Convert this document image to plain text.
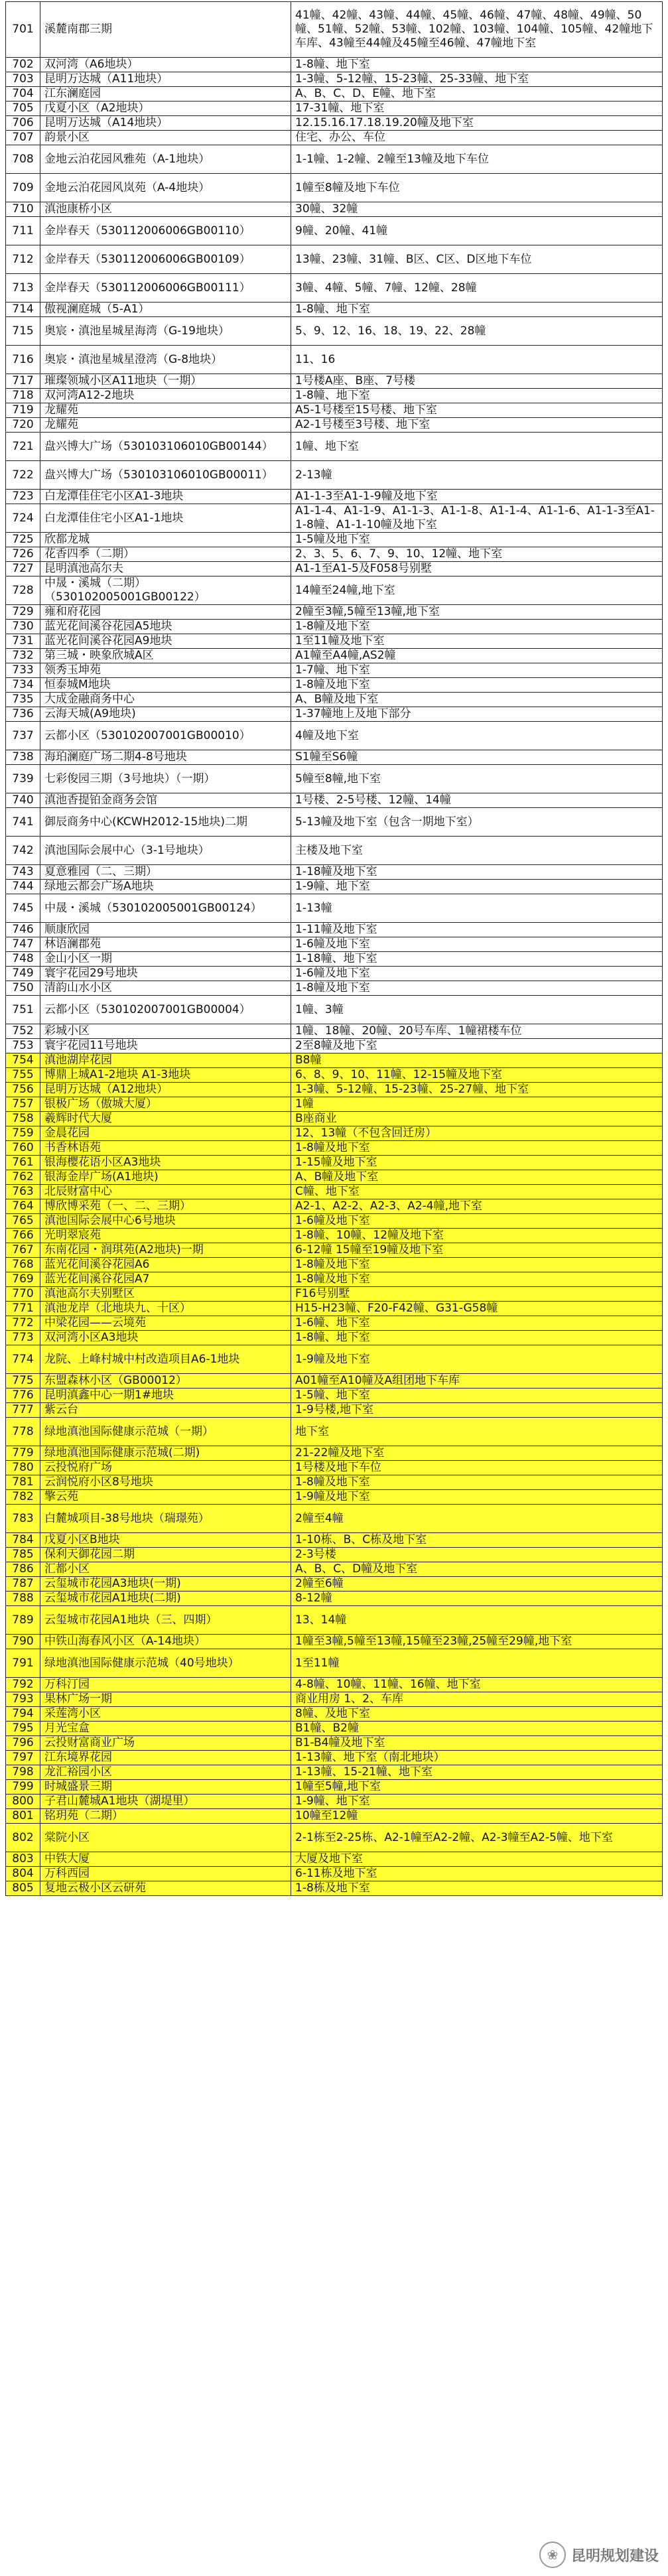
701	溪麓南郡三期	41幢、42幢、43幢、44幢、45幢、46幢、47幢、48幢、49幢、50幢、51幢、52幢、53幢、102幢、103幢、104幢、105幢、42幢地下车库、43幢至44幢及45幢至46幢、47幢地下室
702	双河湾（A6地块）	1-8幢、地下室
703	昆明万达城（A11地块）	1-3幢、5-12幢、15-23幢、25-33幢、地下室
704	江东澜庭园	A、B、C、D、E幢、地下室
705	戊夏小区（A2地块）	17-31幢、地下室
706	昆明万达城（A14地块）	12.15.16.17.18.19.20幢及地下室
707	韵景小区	住宅、办公、车位
708	金地云泊花园风雅苑（A-1地块）	1-1幢、1-2幢、2幢至13幢及地下车位
709	金地云泊花园风岚苑（A-4地块）	1幢至8幢及地下车位
710	滇池康桥小区	30幢、32幢
711	金岸春天（530112006006GB00110）	9幢、20幢、41幢
712	金岸春天（530112006006GB00109）	13幢、23幢、31幢、B区、C区、D区地下车位
713	金岸春天（530112006006GB00111）	3幢、4幢、5幢、7幢、12幢、28幢
714	傲视澜庭城（5-A1）	1-8幢、地下室
715	奥宸・滇池星城星海湾（G-19地块）	5、9、12、16、18、19、22、28幢
716	奥宸・滇池星城星澄湾（G-8地块）	11、16
717	璀璨领城小区A11地块（一期）	1号楼A座、B座、7号楼
718	双河湾A12-2地块	1-8幢、地下室
719	龙耀苑	A5-1号楼至15号楼、地下室
720	龙耀苑	A2-1号楼至3号楼、地下室
721	盘兴博大广场（530103106010GB00144）	1幢、地下室
722	盘兴博大广场（530103106010GB00011）	2-13幢
723	白龙潭佳住宅小区A1-3地块	A1-1-3至A1-1-9幢及地下室
724	白龙潭佳住宅小区A1-1地块	A1-1-4、A1-1-9、A1-1-3、A1-1-8、A1-1-4、A1-1-6、A1-1-3至A1-1-8幢、A1-1-10幢及地下室
725	欣都龙城	1-5幢及地下室
726	花香四季（二期）	2、3、5、6、7、9、10、12幢、地下室
727	昆明滇池高尔夫	A1-1至A1-5及F058号别墅
728	中晟・溪城（二期）（530102005001GB00122）	14幢至24幢,地下室
729	雍和府花园	2幢至3幢,5幢至13幢,地下室
730	蓝光花间溪谷花园A5地块	1-8幢及地下室
731	蓝光花间溪谷花园A9地块	1至11幢及地下室
732	第三城・映象欣城A区	A1幢至A4幢,AS2幢
733	领秀玉坤苑	1-7幢、地下室
734	恒泰城M地块	1-8幢及地下室
735	大成金融商务中心	A、B幢及地下室
736	云海天城(A9地块)	1-37幢地上及地下部分
737	云都小区（530102007001GB00010）	4幢及地下室
738	海珀澜庭广场二期4-8号地块	S1幢至S6幢
739	七彩俊园三期（3号地块）（一期）	5幢至8幢,地下室
740	滇池香提铂金商务会馆	1号楼、2-5号楼、12幢、14幢
741	御辰商务中心(KCWH2012-15地块)二期	5-13幢及地下室（包含一期地下室）
742	滇池国际会展中心（3-1号地块）	主楼及地下室
743	夏意雅园（二、三期）	1-18幢及地下室
744	绿地云都会广场A地块	1-9幢、地下室
745	中晟・溪城（530102005001GB00124）	1-13幢
746	顺康欣园	1-11幢及地下室
747	林语澜郡苑	1-6幢及地下室
748	金山小区一期	1-18幢、地下室
749	寰宇花园29号地块	1-6幢及地下室
750	清韵山水小区	1-8幢及地下室
751	云都小区（530102007001GB00004）	1幢、3幢
752	彩城小区	1幢、18幢、20幢、20号车库、1幢裙楼车位
753	寰宇花园11号地块	2至8幢及地下室
754	滇池湖岸花园	B8幢
755	博鼎上城A1-2地块 A1-3地块	6、8、9、10、11幢、12-15幢及地下室
756	昆明万达城（A12地块）	1-3幢、5-12幢、15-23幢、25-27幢、地下室
757	银极广场（傲城大厦）	1幢
758	羲辉时代大厦	B座商业
759	金晨花园	12、13幢（不包含回迁房）
760	书香林语苑	1-8幢及地下室
761	银海樱花语小区A3地块	1-15幢及地下室
762	银海金岸广场(A1地块)	A、B幢及地下室
763	北辰财富中心	C幢、地下室
764	博欣博采苑（一、二、三期）	A2-1、A2-2、A2-3、A2-4幢,地下室
765	滇池国际会展中心6号地块	1-6幢及地下室
766	光明翠宸苑	1-8幢、10幢、12幢及地下室
767	东南花园・润琪苑(A2地块)一期	6-12幢 15幢至19幢及地下室
768	蓝光花间溪谷花园A6	1-8幢及地下室
769	蓝光花间溪谷花园A7	1-8幢及地下室
770	滇池高尔夫别墅区	F16号别墅
771	滇池龙岸（北地块九、十区）	H15-H23幢、F20-F42幢、G31-G58幢
772	中梁花园——云境苑	1-6幢、地下室
773	双河湾小区A3地块	1-8幢、地下室
774	龙院、上峰村城中村改造项目A6-1地块	1-9幢及地下室
775	东盟森林小区（GB00012）	A01幢至A10幢及A组团地下车库
776	昆明滇鑫中心一期1#地块	1-5幢、地下室
777	紫云台	1-9号楼,地下室
778	绿地滇池国际健康示范城（一期）	地下室
779	绿地滇池国际健康示范城(二期)	21-22幢及地下室
780	云投悦府广场	1号楼及地下车位
781	云润悦府小区8号地块	1-8幢及地下室
782	擎云苑	1-9幢及地下室
783	白麓城项目-38号地块（瑞璟苑）	2幢至4幢
784	戊夏小区B地块	1-10栋、B、C栋及地下室
785	保利天御花园二期	2-3号楼
786	汇都小区	A、B、C、D幢及地下室
787	云玺城市花园A3地块(一期)	2幢至6幢
788	云玺城市花园A1地块(二期)	8-12幢
789	云玺城市花园A1地块（三、四期）	13、14幢
790	中铁山海春风小区（A-14地块）	1幢至3幢,5幢至13幢,15幢至23幢,25幢至29幢,地下室
791	绿地滇池国际健康示范城（40号地块）	1至11幢
792	万科汀园	4-8幢、10幢、11幢、16幢、地下室
793	果林广场一期	商业用房 1、2、车库
794	采莲湾小区	8幢、及地下室
795	月光宝盒	B1幢、B2幢
796	云投财富商业广场	B1-B4幢及地下室
797	江东境界花园	1-13幢、地下室（南北地块）
798	龙汇裕园小区	1-13幢、15-21幢、地下室
799	时城盛景三期	1幢至5幢,地下室
800	子君山麓城A1地块（湖堤里）	1-9幢、地下室
801	铭玥苑（二期）	10幢至12幢
802	棠院小区	2-1栋至2-25栋、A2-1幢至A2-2幢、A2-3幢至A2-5幢、地下室
803	中铁大厦	大厦及地下室
804	万科西园	6-11栋及地下室
805	复地云极小区云研苑	1-8栋及地下室
❀ 昆明规划建设
